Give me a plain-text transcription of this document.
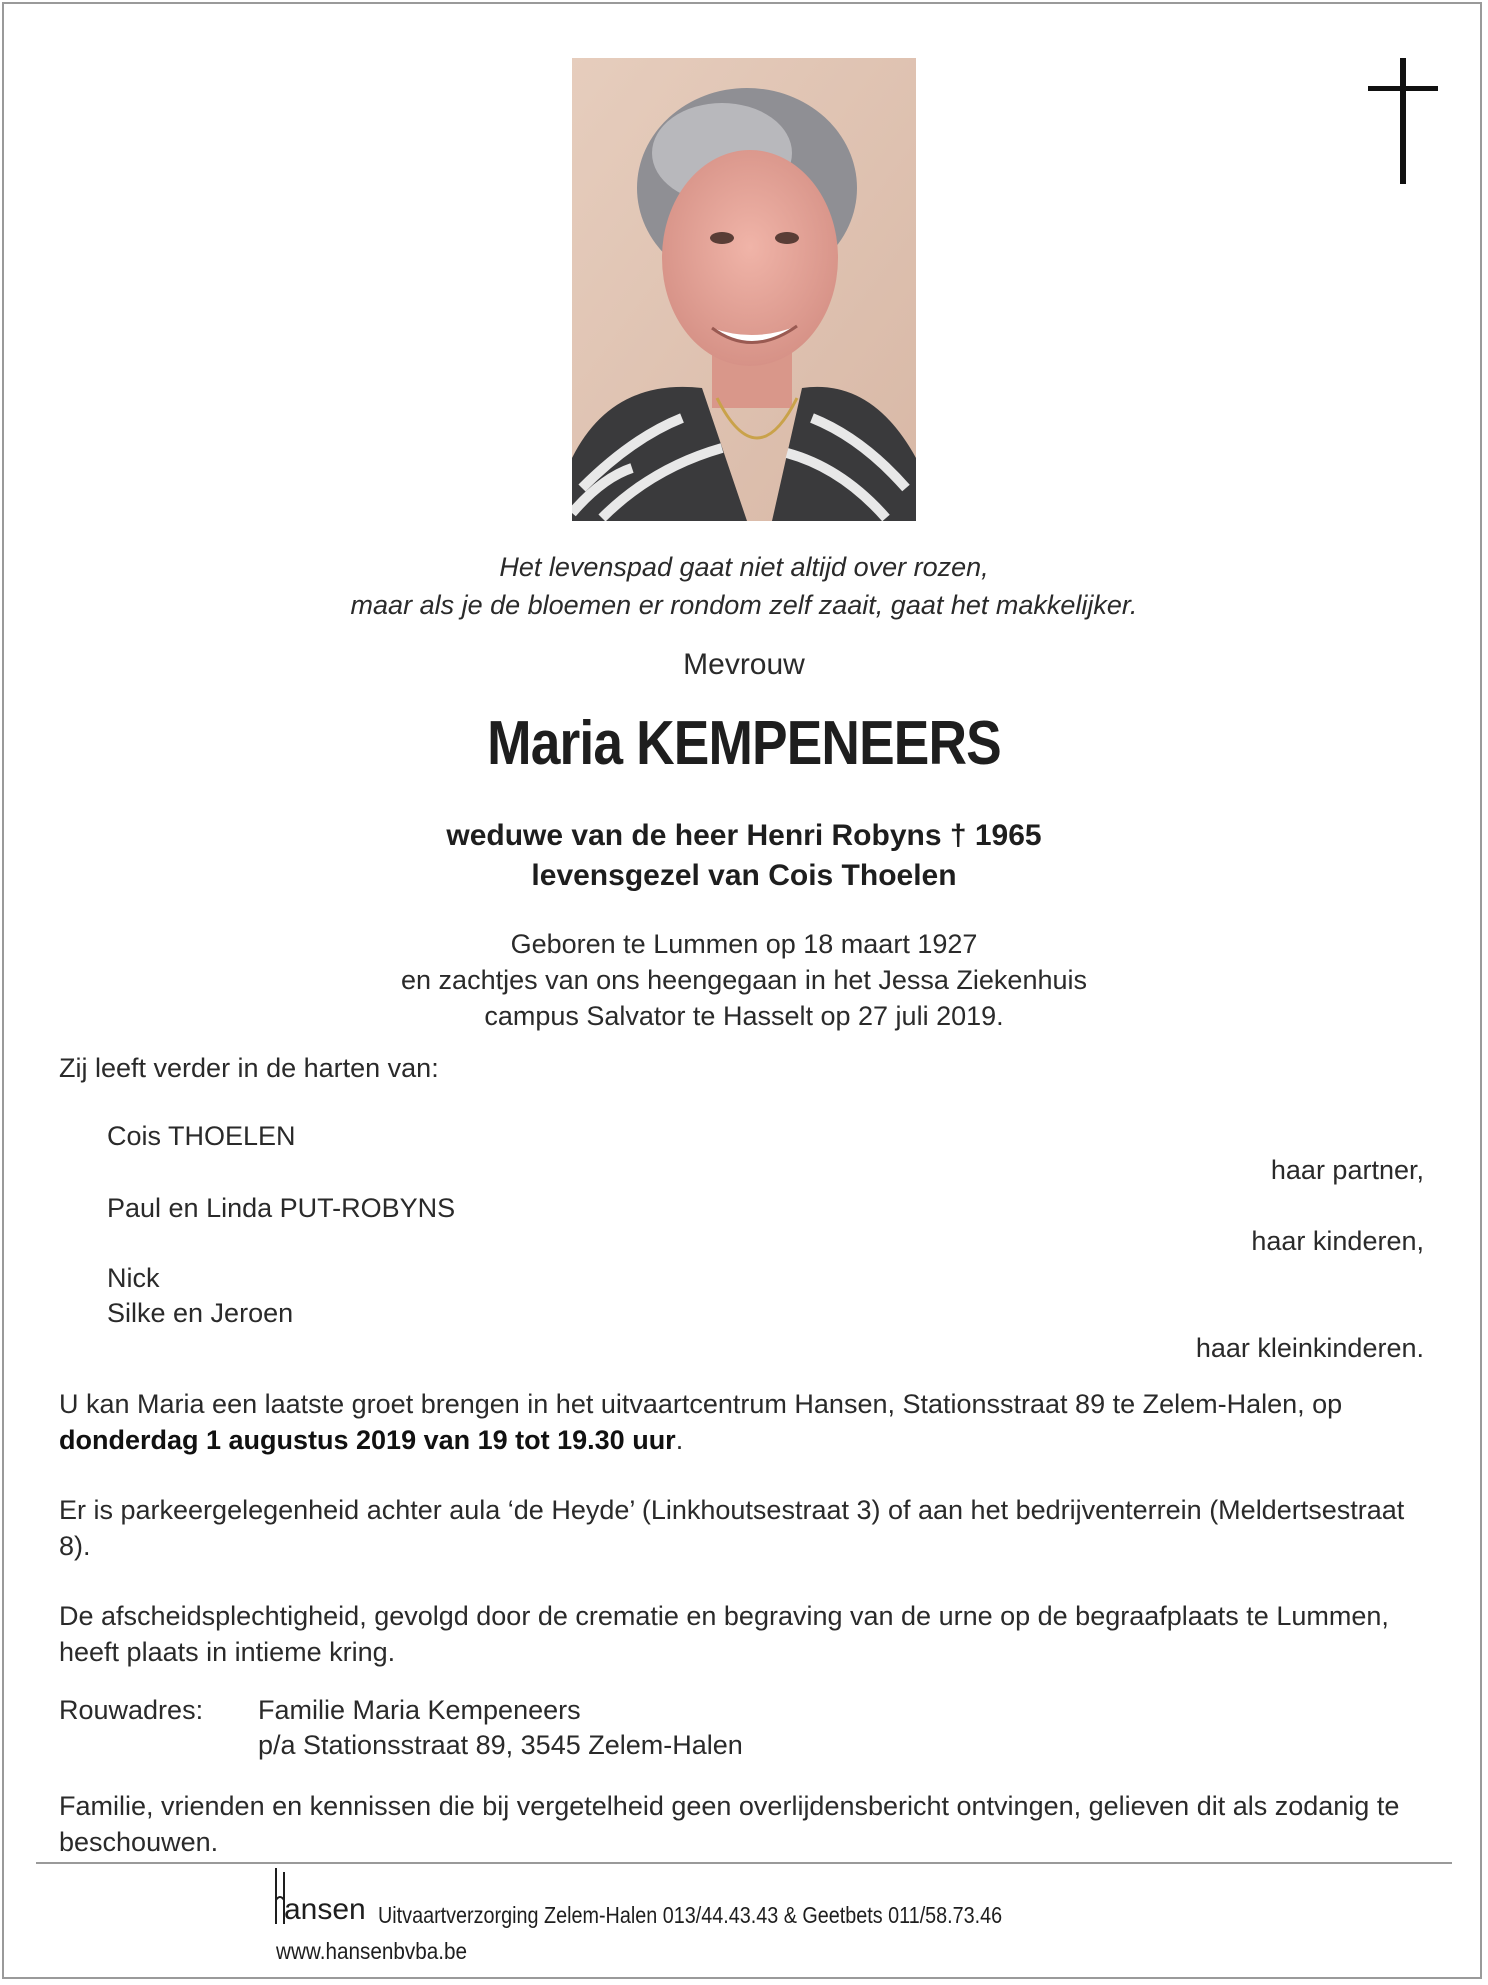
Het levenspad gaat niet altijd over rozen,
maar als je de bloemen er rondom zelf zaait, gaat het makkelijker.
Mevrouw
Maria KEMPENEERS
weduwe van de heer Henri Robyns † 1965
levensgezel van Cois Thoelen
Geboren te Lummen op 18 maart 1927
en zachtjes van ons heengegaan in het Jessa Ziekenhuis
campus Salvator te Hasselt op 27 juli 2019.
Zij leeft verder in de harten van:
Cois THOELEN
haar partner,
Paul en Linda PUT-ROBYNS
haar kinderen,
Nick
Silke en Jeroen
haar kleinkinderen.
U kan Maria een laatste groet brengen in het uitvaartcentrum Hansen, Stationsstraat 89 te Zelem-Halen, op donderdag 1 augustus 2019 van 19 tot 19.30 uur.
Er is parkeergelegenheid achter aula ‘de Heyde’ (Linkhoutsestraat 3) of aan het bedrijventerrein (Meldertsestraat 8).
De afscheidsplechtigheid, gevolgd door de crematie en begraving van de urne op de begraafplaats te Lummen, heeft plaats in intieme kring.
Rouwadres: Familie Maria Kempeneers
p/a Stationsstraat 89, 3545 Zelem-Halen
Familie, vrienden en kennissen die bij vergetelheid geen overlijdensbericht ontvingen, gelieven dit als zodanig te beschouwen.
ansen Uitvaartverzorging Zelem-Halen 013/44.43.43 & Geetbets 011/58.73.46
www.hansenbvba.be
